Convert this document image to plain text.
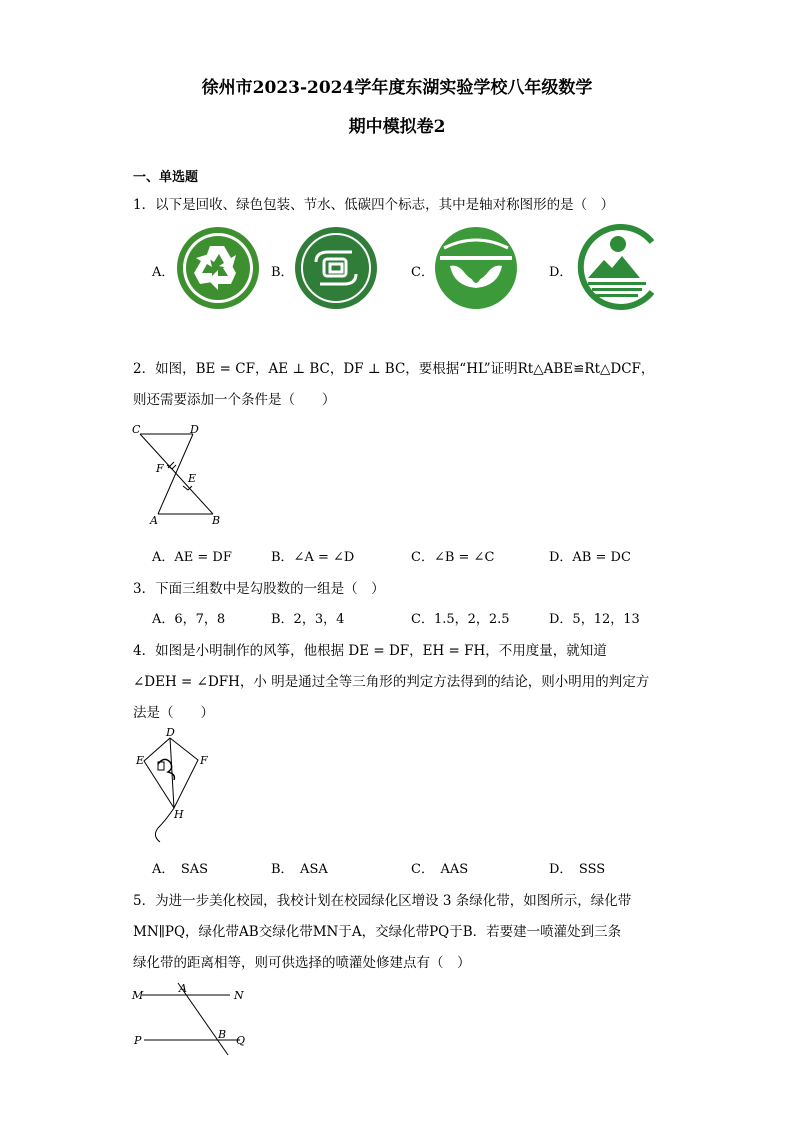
徐州市2023-2024学年度东湖实验学校八年级数学
期中模拟卷2
一、单选题
1．以下是回收、绿色包装、节水、低碳四个标志，其中是轴对称图形的是（　）
A．	B．	C．	D．
2．如图，BE = CF，AE ⊥ BC，DF ⊥ BC，要根据“HL”证明Rt△ABE≌Rt△DCF，
则还需要添加一个条件是（　　）
C	D
F
E
A	B
A．AE = DF	B．∠A = ∠D	C．∠B = ∠C	D．AB = DC
3．下面三组数中是勾股数的一组是（　）
A．6，7，8	B．2，3，4	C．1.5，2，2.5	D．5，12，13
4．如图是小明制作的风筝，他根据 DE = DF，EH = FH，不用度量，就知道
∠DEH = ∠DFH，小 明是通过全等三角形的判定方法得到的结论，则小明用的判定方
法是（　　）
D
E	F
H
A．　SAS	B．　ASA	C．　AAS	D．　SSS
5．为进一步美化校园，我校计划在校园绿化区增设 3 条绿化带，如图所示，绿化带
MN∥PQ，绿化带AB交绿化带MN于A，交绿化带PQ于B．若要建一喷灌处到三条
绿化带的距离相等，则可供选择的喷灌处修建点有（　）
M
A
N
P	B Q
